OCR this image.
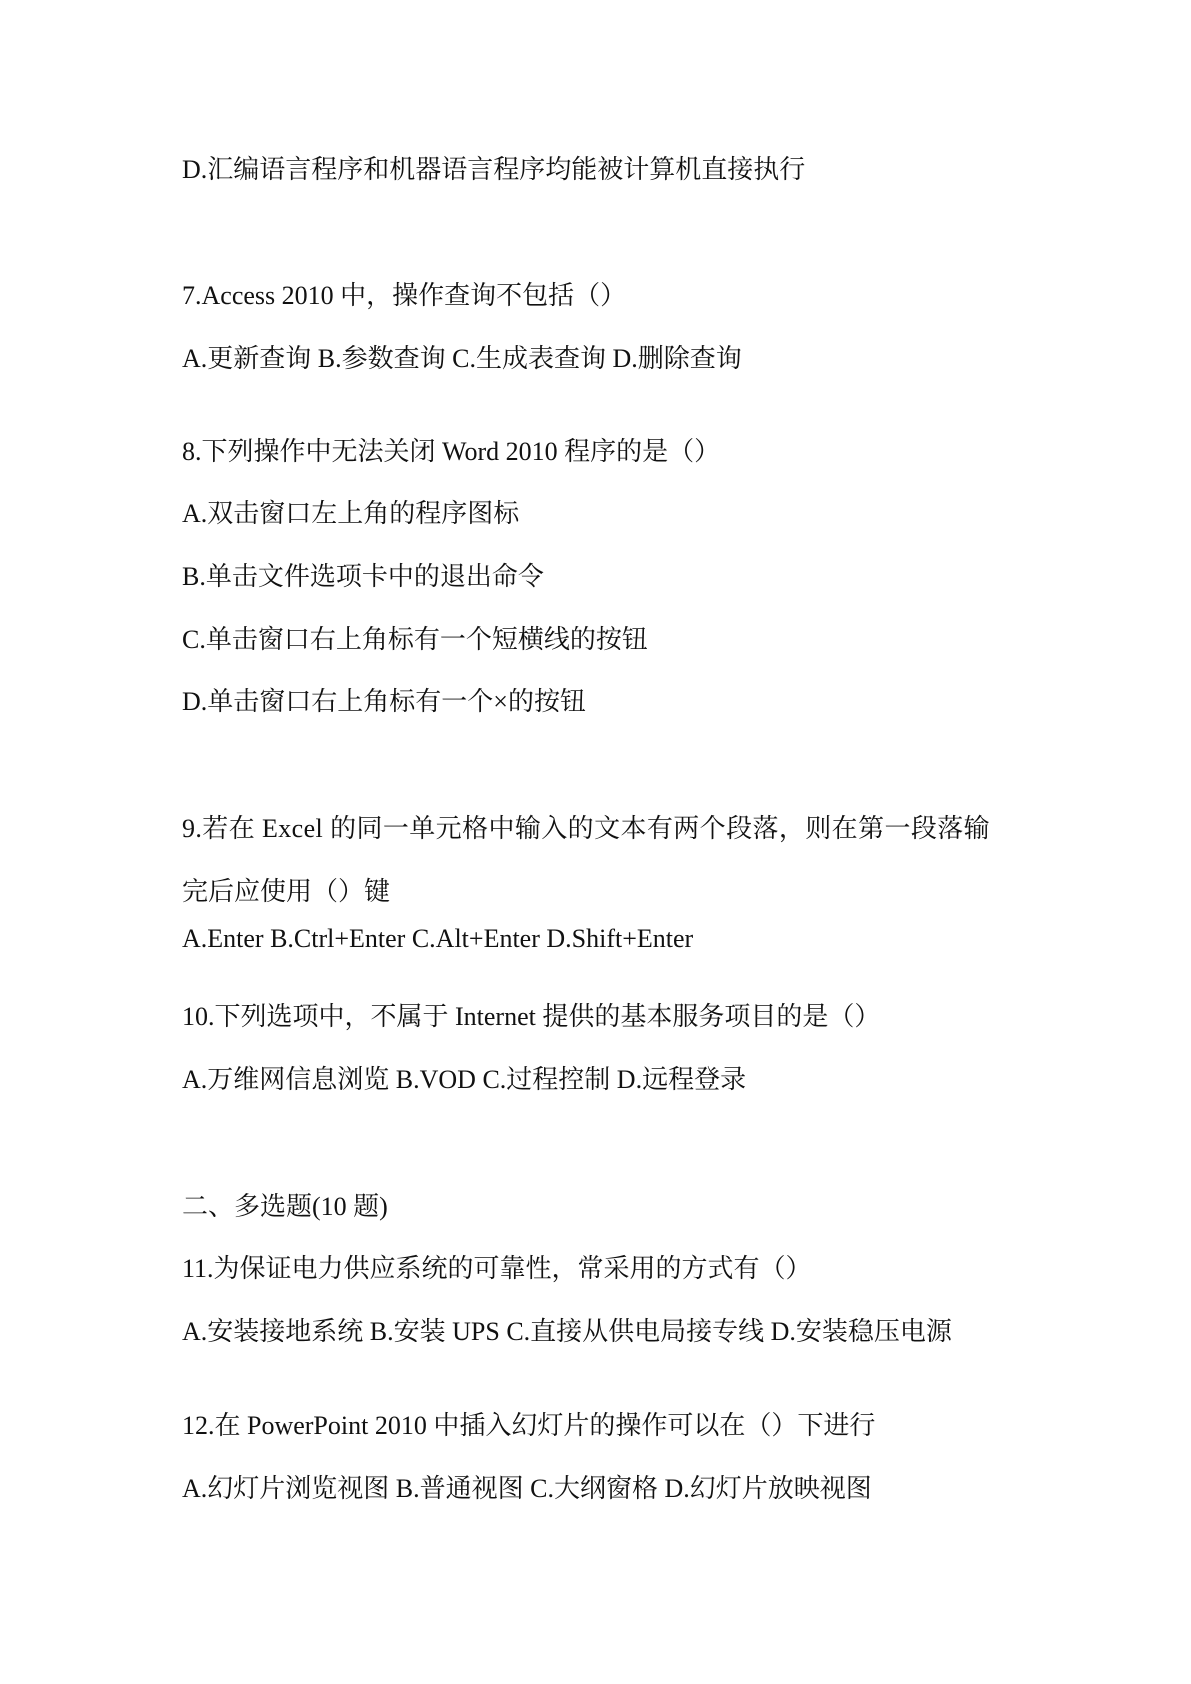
D.汇编语言程序和机器语言程序均能被计算机直接执行

7.Access 2010 中，操作查询不包括（）

A.更新查询 B.参数查询 C.生成表查询 D.删除查询

8.下列操作中无法关闭 Word 2010 程序的是（）

A.双击窗口左上角的程序图标

B.单击文件选项卡中的退出命令

C.单击窗口右上角标有一个短横线的按钮

D.单击窗口右上角标有一个×的按钮

9.若在 Excel 的同一单元格中输入的文本有两个段落，则在第一段落输

完后应使用（）键

A.Enter B.Ctrl+Enter C.Alt+Enter D.Shift+Enter

10.下列选项中，不属于 Internet 提供的基本服务项目的是（）

A.万维网信息浏览 B.VOD C.过程控制 D.远程登录

二、多选题(10 题)

11.为保证电力供应系统的可靠性，常采用的方式有（）

A.安装接地系统 B.安装 UPS C.直接从供电局接专线 D.安装稳压电源

12.在 PowerPoint 2010 中插入幻灯片的操作可以在（）下进行

A.幻灯片浏览视图 B.普通视图 C.大纲窗格 D.幻灯片放映视图
